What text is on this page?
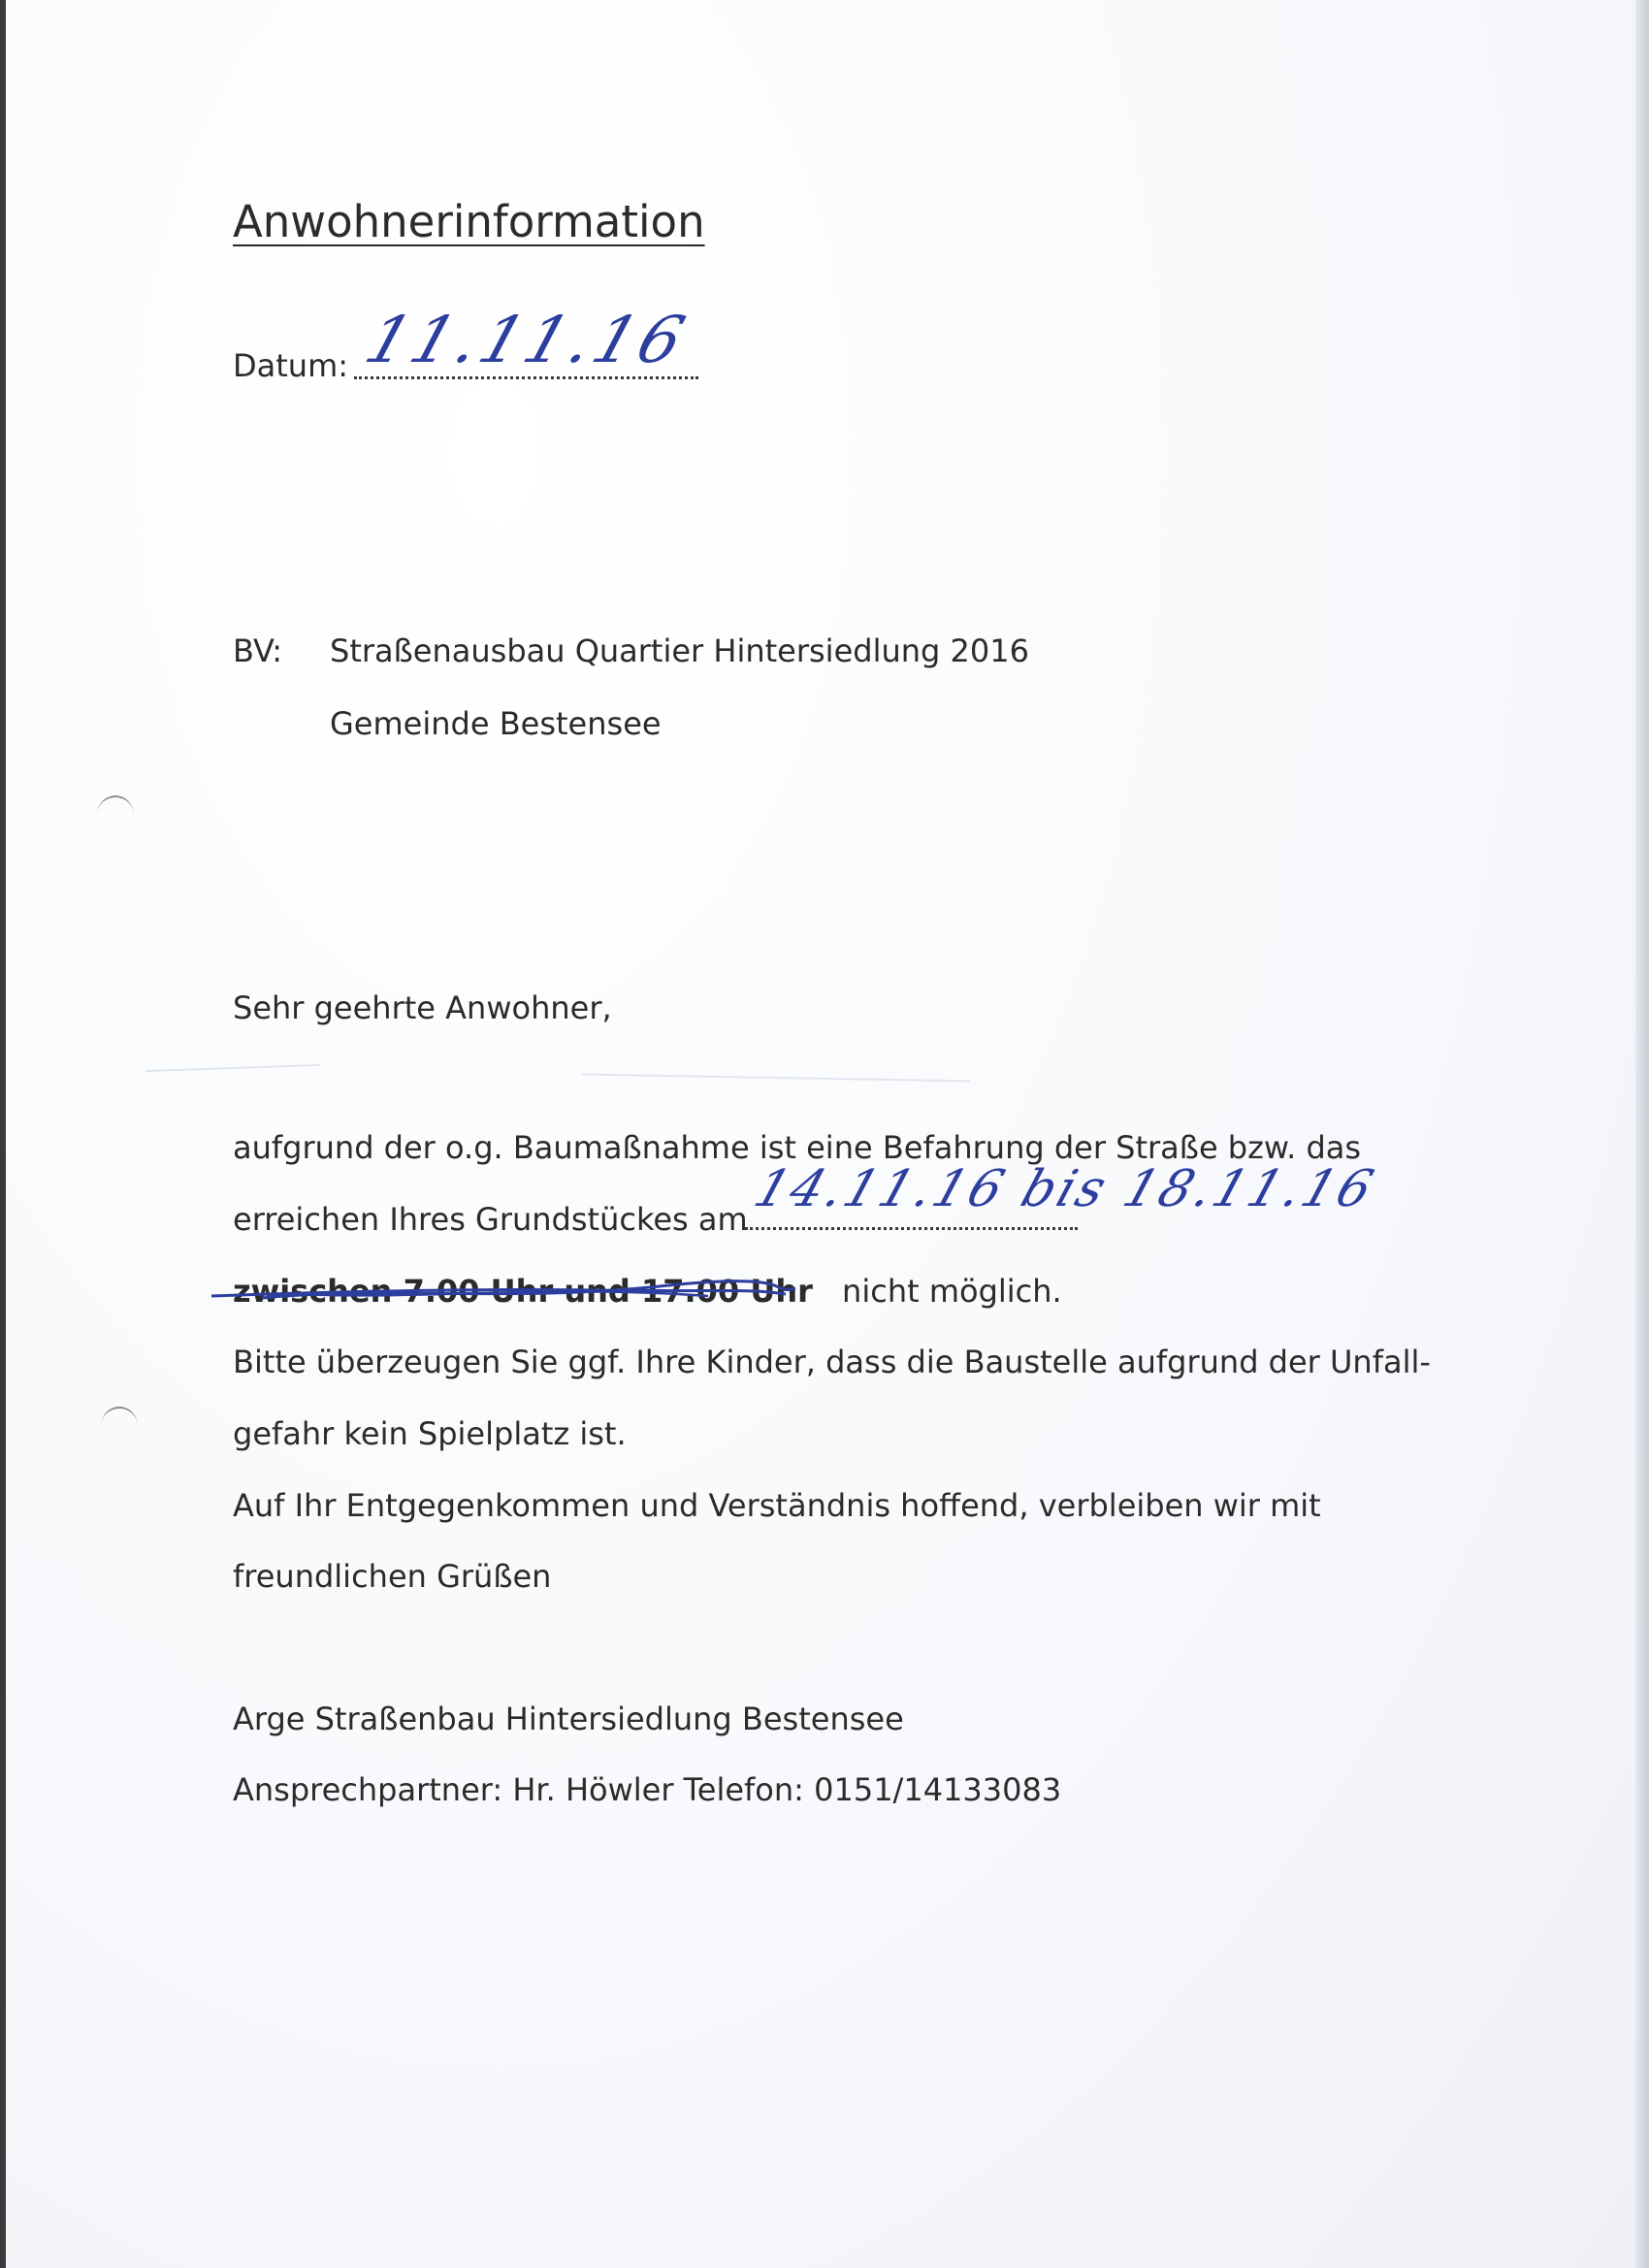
Anwohnerinformation
Datum: 11.11.16
BV: Straßenausbau Quartier Hintersiedlung 2016
Gemeinde Bestensee
Sehr geehrte Anwohner,
aufgrund der o.g. Baumaßnahme ist eine Befahrung der Straße bzw. das
erreichen Ihres Grundstückes am
14.11.16 bis 18.11.16
zwischen 7.00 Uhr und 17.00 Uhr nicht möglich.
Bitte überzeugen Sie ggf. Ihre Kinder, dass die Baustelle aufgrund der Unfall-
gefahr kein Spielplatz ist.
Auf Ihr Entgegenkommen und Verständnis hoffend, verbleiben wir mit
freundlichen Grüßen
Arge Straßenbau Hintersiedlung Bestensee
Ansprechpartner: Hr. Höwler Telefon: 0151/14133083
